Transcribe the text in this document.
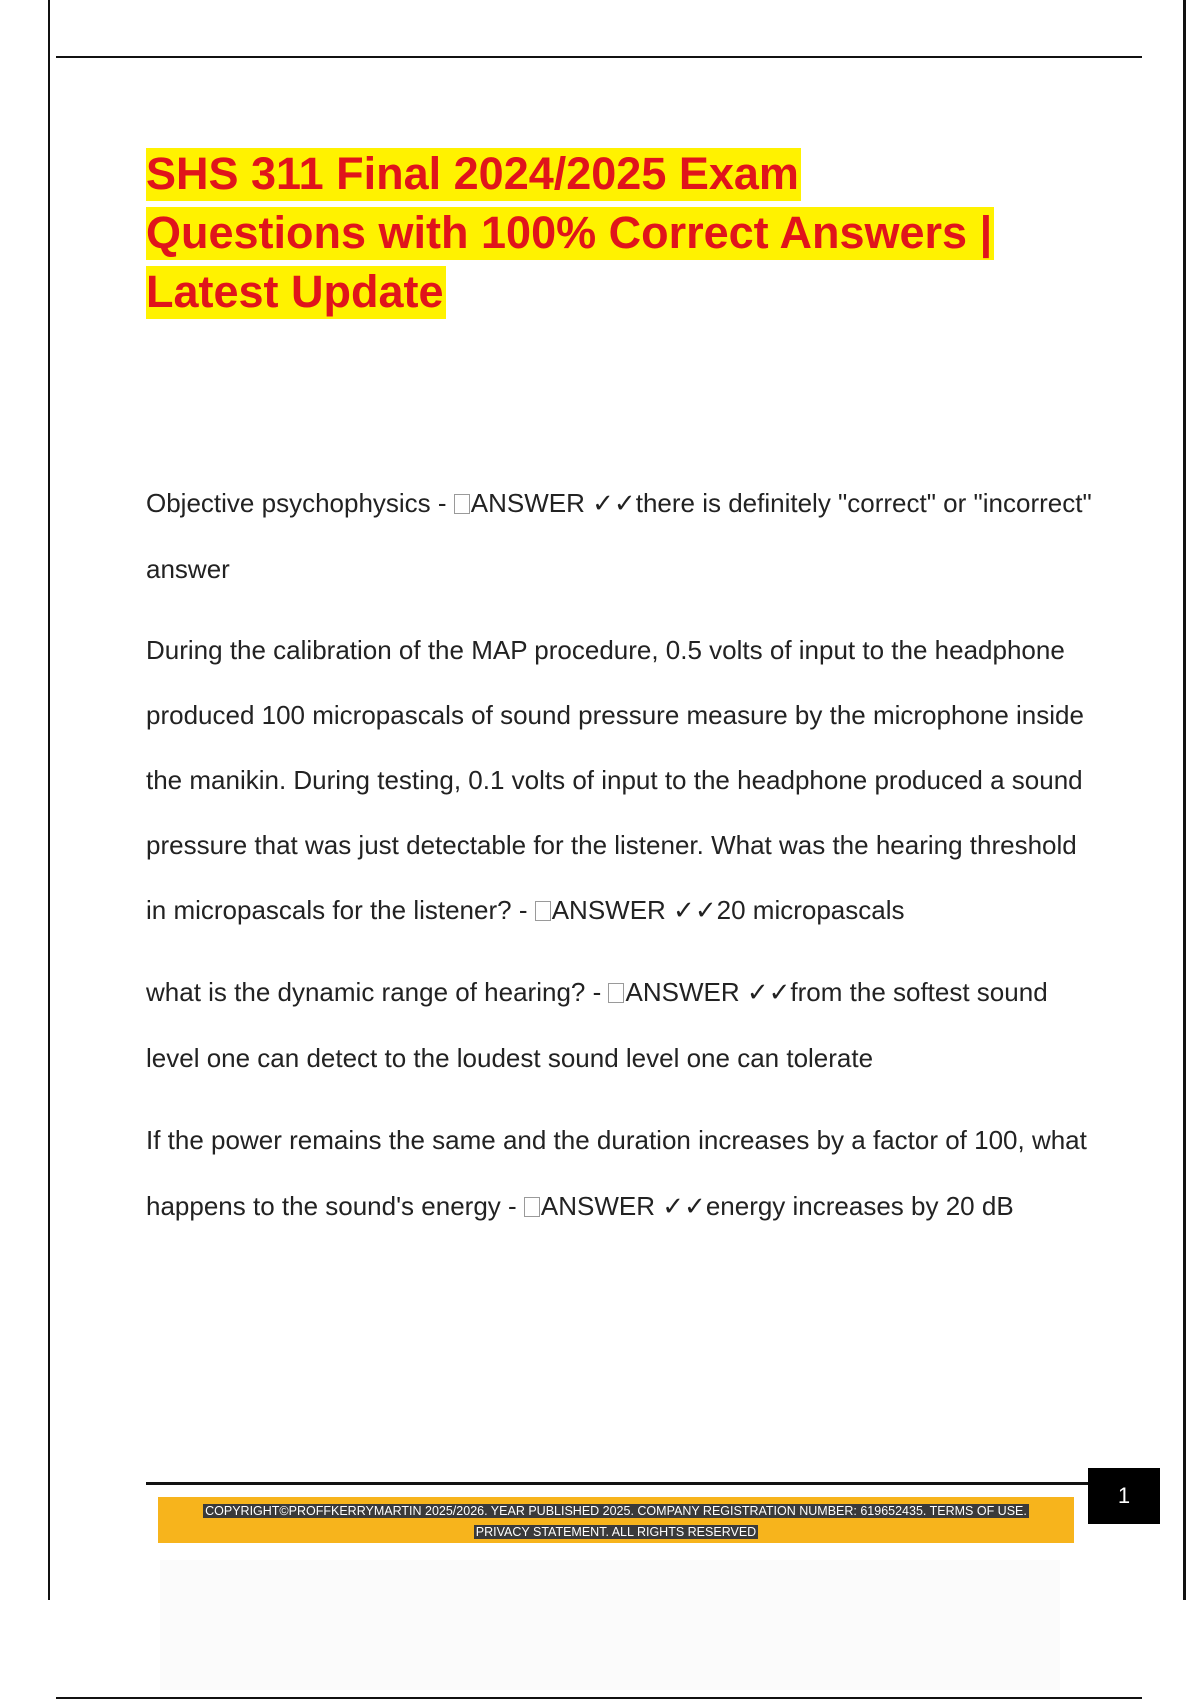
SHS 311 Final 2024/2025 Exam
Questions with 100% Correct Answers |
Latest Update

Objective psychophysics - ANSWER ✓✓there is definitely "correct" or "incorrect" answer

During the calibration of the MAP procedure, 0.5 volts of input to the headphone produced 100 micropascals of sound pressure measure by the microphone inside the manikin. During testing, 0.1 volts of input to the headphone produced a sound pressure that was just detectable for the listener. What was the hearing threshold in micropascals for the listener? - ANSWER ✓✓20 micropascals

what is the dynamic range of hearing? - ANSWER ✓✓from the softest sound level one can detect to the loudest sound level one can tolerate

If the power remains the same and the duration increases by a factor of 100, what happens to the sound's energy - ANSWER ✓✓energy increases by 20 dB

COPYRIGHT©PROFFKERRYMARTIN 2025/2026. YEAR PUBLISHED 2025. COMPANY REGISTRATION NUMBER: 619652435. TERMS OF USE.
PRIVACY STATEMENT. ALL RIGHTS RESERVED
1
